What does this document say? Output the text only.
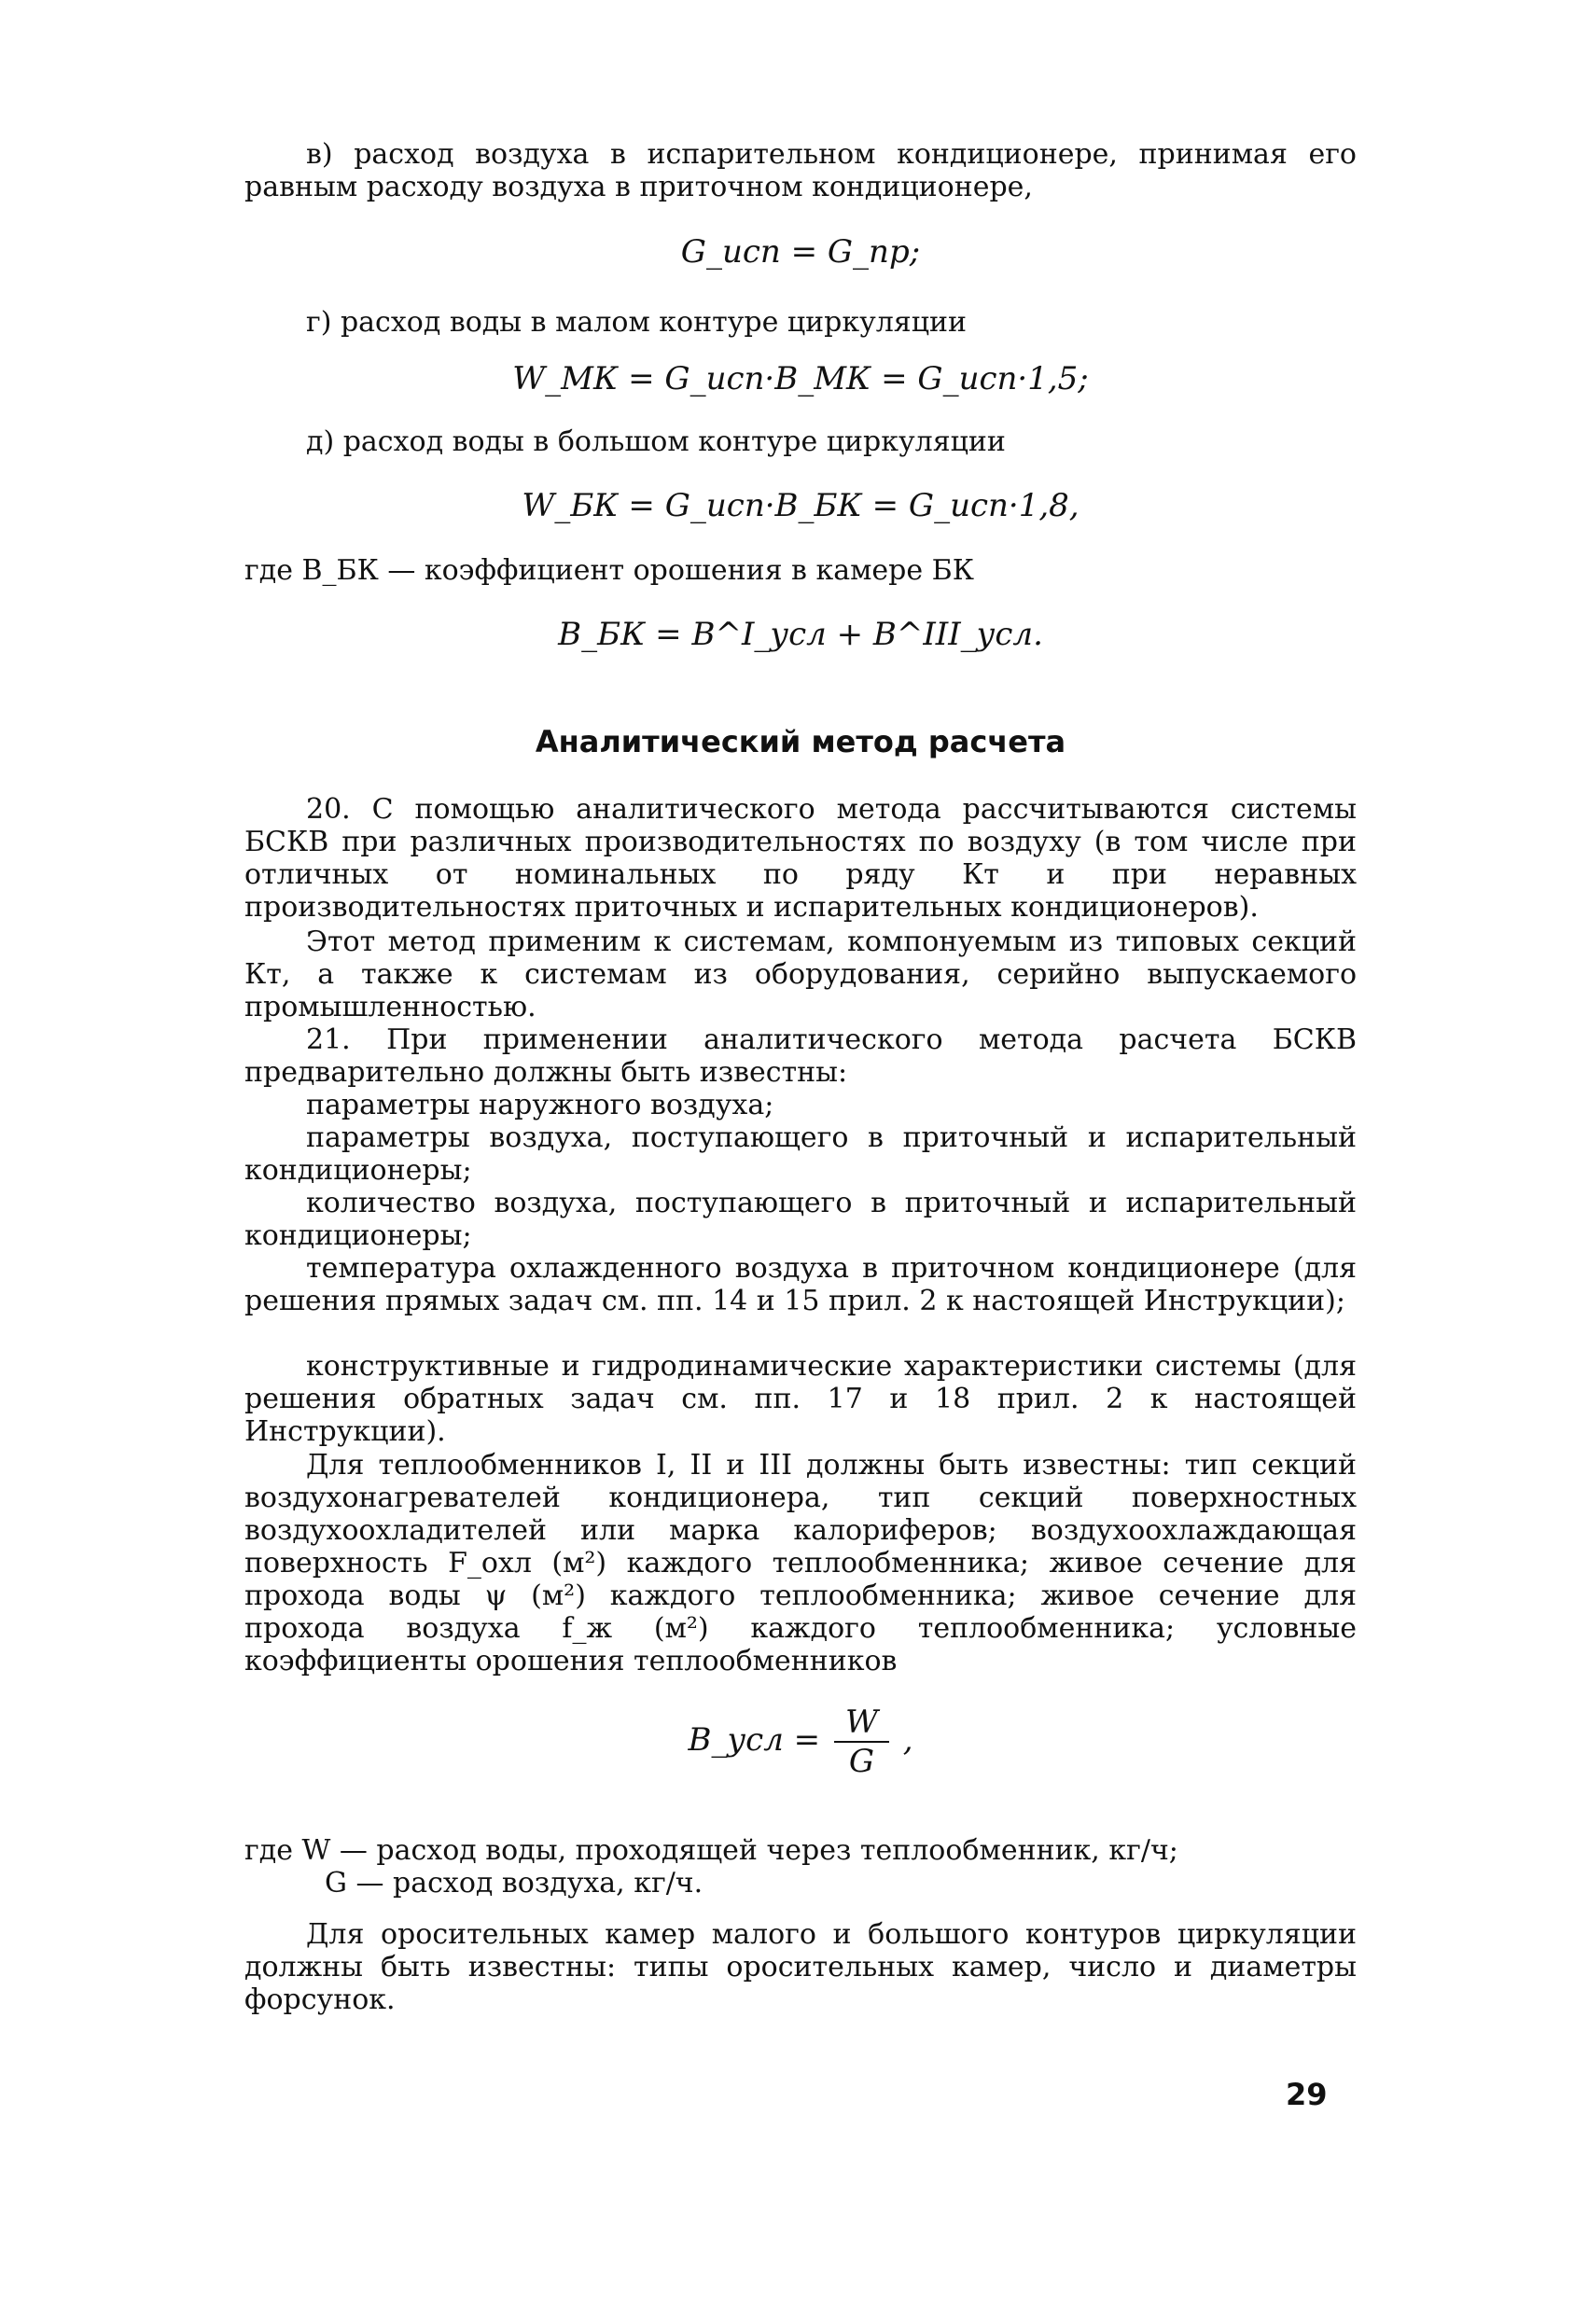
в) расход воздуха в испарительном кондиционере, принимая его равным расходу воздуха в приточном кондиционере,

G_исп = G_пр;

г) расход воды в малом контуре циркуляции

W_МК = G_исп·B_МК = G_исп·1,5;

д) расход воды в большом контуре циркуляции

W_БК = G_исп·B_БК = G_исп·1,8,

где B_БК — коэффициент орошения в камере БК

B_БК = B^I_усл + B^III_усл.

Аналитический метод расчета

20. С помощью аналитического метода рассчитываются системы БСКВ при различных производительностях по воздуху (в том числе при отличных от номинальных по ряду Кт и при неравных производительностях приточных и испарительных кондиционеров).

Этот метод применим к системам, компонуемым из типовых секций Кт, а также к системам из оборудования, серийно выпускаемого промышленностью.

21. При применении аналитического метода расчета БСКВ предварительно должны быть известны:

параметры наружного воздуха;

параметры воздуха, поступающего в приточный и испарительный кондиционеры;

количество воздуха, поступающего в приточный и испарительный кондиционеры;

температура охлажденного воздуха в приточном кондиционере (для решения прямых задач см. пп. 14 и 15 прил. 2 к настоящей Инструкции);

конструктивные и гидродинамические характеристики системы (для решения обратных задач см. пп. 17 и 18 прил. 2 к настоящей Инструкции).

Для теплообменников I, II и III должны быть известны: тип секций воздухонагревателей кондиционера, тип секций поверхностных воздухоохладителей или марка калориферов; воздухоохлаждающая поверхность F_охл (м²) каждого теплообменника; живое сечение для прохода воды ψ (м²) каждого теплообменника; живое сечение для прохода воздуха f_ж (м²) каждого теплообменника; условные коэффициенты орошения теплообменников

B_усл = $\frac{W}{G}$ ,

где W — расход воды, проходящей через теплообменник, кг/ч;

G — расход воздуха, кг/ч.

Для оросительных камер малого и большого контуров циркуляции должны быть известны: типы оросительных камер, число и диаметры форсунок.

29
